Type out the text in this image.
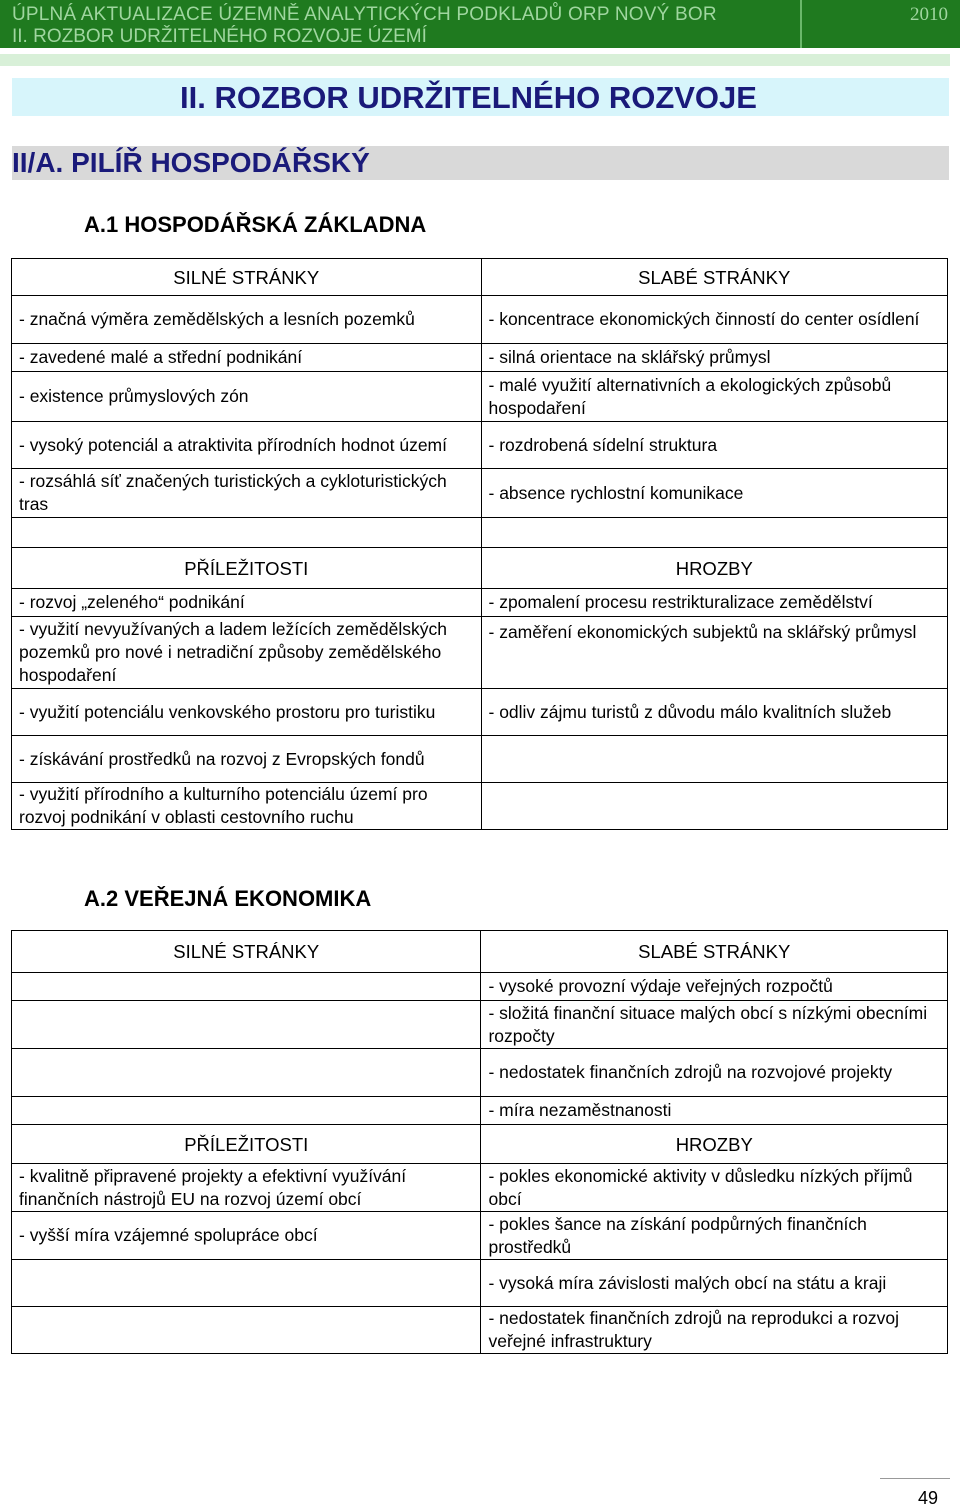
ÚPLNÁ AKTUALIZACE ÚZEMNĚ ANALYTICKÝCH PODKLADŮ ORP NOVÝ BOR
II. ROZBOR UDRŽITELNÉHO ROZVOJE ÚZEMÍ
2010
II. ROZBOR UDRŽITELNÉHO ROZVOJE
II/A. PILÍŘ HOSPODÁŘSKÝ
A.1 HOSPODÁŘSKÁ ZÁKLADNA
SILNÉ STRÁNKY	SLABÉ STRÁNKY
- značná výměra zemědělských a lesních pozemků	- koncentrace ekonomických činností do center osídlení
- zavedené malé a střední podnikání	- silná orientace na sklářský průmysl
- existence průmyslových zón	- malé využití alternativních a ekologických způsobů hospodaření
- vysoký potenciál a atraktivita přírodních hodnot území	- rozdrobená sídelní struktura
- rozsáhlá síť značených turistických a cykloturistických tras	- absence rychlostní komunikace

PŘÍLEŽITOSTI	HROZBY
- rozvoj „zeleného“ podnikání	- zpomalení procesu restrikturalizace zemědělství
- využití nevyužívaných a ladem ležících zemědělských pozemků pro nové i netradiční způsoby zemědělského hospodaření	- zaměření ekonomických subjektů na sklářský průmysl
- využití potenciálu venkovského prostoru pro turistiku	- odliv zájmu turistů z důvodu málo kvalitních služeb
- získávání prostředků na rozvoj z Evropských fondů	
- využití přírodního a kulturního potenciálu území pro rozvoj podnikání v oblasti cestovního ruchu	
A.2 VEŘEJNÁ EKONOMIKA
SILNÉ STRÁNKY	SLABÉ STRÁNKY
	- vysoké provozní výdaje veřejných rozpočtů
	- složitá finanční situace malých obcí s nízkými obecními rozpočty
	- nedostatek finančních zdrojů na rozvojové projekty
	- míra nezaměstnanosti
PŘÍLEŽITOSTI	HROZBY
- kvalitně připravené projekty a efektivní využívání finančních nástrojů EU na rozvoj území obcí	- pokles ekonomické aktivity v důsledku nízkých příjmů obcí
- vyšší míra vzájemné spolupráce obcí	- pokles šance na získání podpůrných finančních prostředků
	- vysoká míra závislosti malých obcí na státu a kraji
	- nedostatek finančních zdrojů na reprodukci a rozvoj veřejné infrastruktury
49
